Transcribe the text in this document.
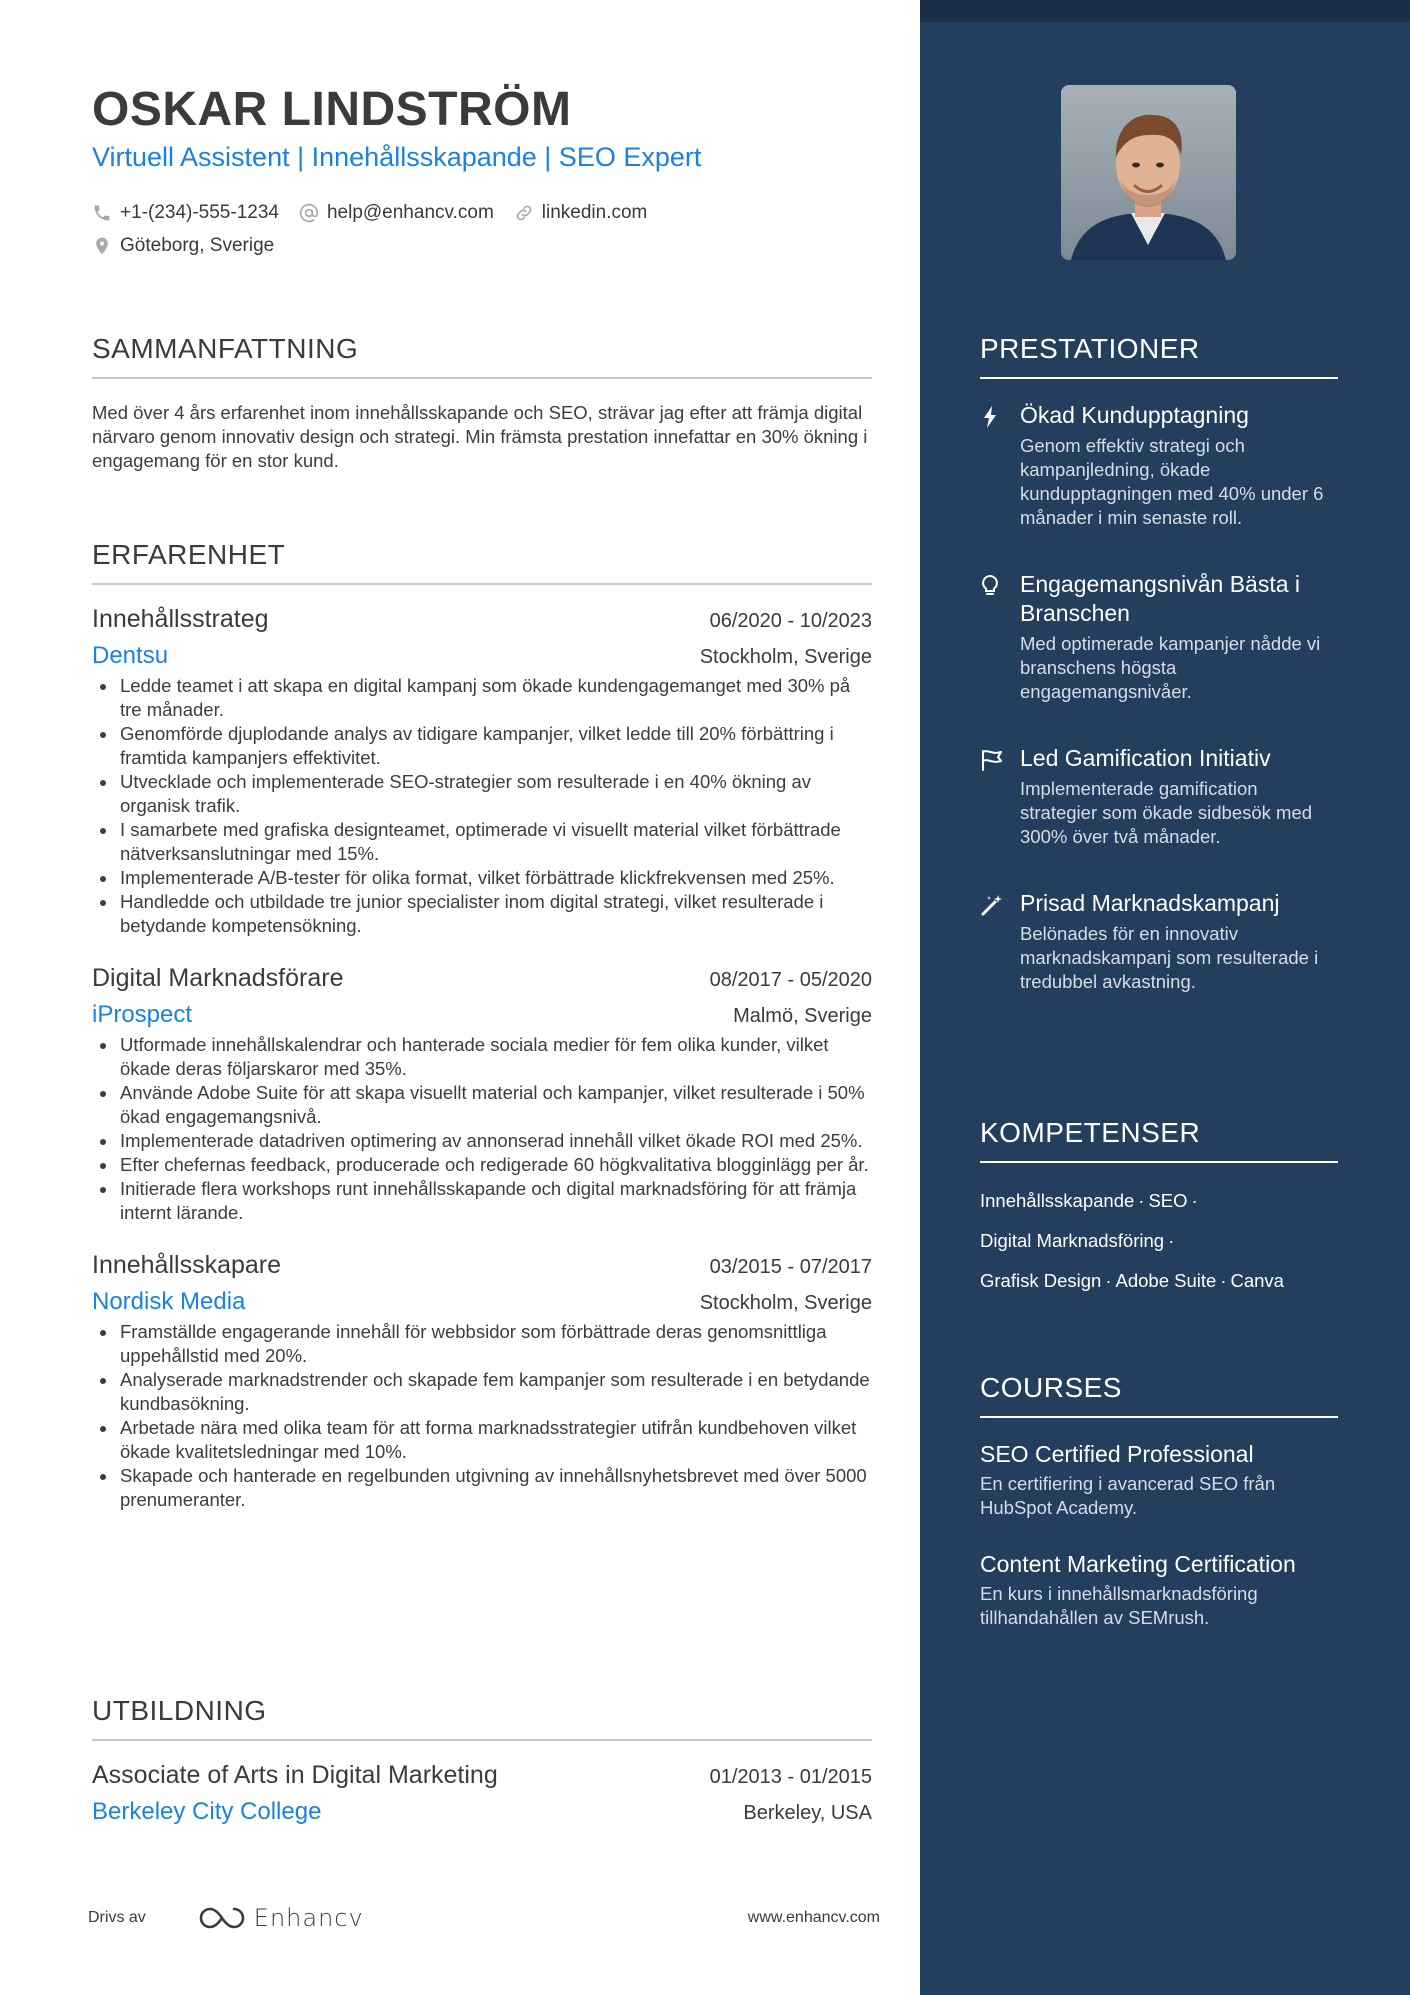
OSKAR LINDSTRÖM
Virtuell Assistent | Innehållsskapande | SEO Expert
+1-(234)-555-1234	help@enhancv.com	linkedin.com
Göteborg, Sverige
SAMMANFATTNING
Med över 4 års erfarenhet inom innehållsskapande och SEO, strävar jag efter att främja digital närvaro genom innovativ design och strategi. Min främsta prestation innefattar en 30% ökning i engagemang för en stor kund.
ERFARENHET
Innehållsstrateg	06/2020 - 10/2023
Dentsu	Stockholm, Sverige
Ledde teamet i att skapa en digital kampanj som ökade kundengagemanget med 30% på tre månader.
Genomförde djuplodande analys av tidigare kampanjer, vilket ledde till 20% förbättring i framtida kampanjers effektivitet.
Utvecklade och implementerade SEO-strategier som resulterade i en 40% ökning av organisk trafik.
I samarbete med grafiska designteamet, optimerade vi visuellt material vilket förbättrade nätverksanslutningar med 15%.
Implementerade A/B-tester för olika format, vilket förbättrade klickfrekvensen med 25%.
Handledde och utbildade tre junior specialister inom digital strategi, vilket resulterade i betydande kompetensökning.
Digital Marknadsförare	08/2017 - 05/2020
iProspect	Malmö, Sverige
Utformade innehållskalendrar och hanterade sociala medier för fem olika kunder, vilket ökade deras följarskaror med 35%.
Använde Adobe Suite för att skapa visuellt material och kampanjer, vilket resulterade i 50% ökad engagemangsnivå.
Implementerade datadriven optimering av annonserad innehåll vilket ökade ROI med 25%.
Efter chefernas feedback, producerade och redigerade 60 högkvalitativa blogginlägg per år.
Initierade flera workshops runt innehållsskapande och digital marknadsföring för att främja internt lärande.
Innehållsskapare	03/2015 - 07/2017
Nordisk Media	Stockholm, Sverige
Framställde engagerande innehåll för webbsidor som förbättrade deras genomsnittliga uppehållstid med 20%.
Analyserade marknadstrender och skapade fem kampanjer som resulterade i en betydande kundbasökning.
Arbetade nära med olika team för att forma marknadsstrategier utifrån kundbehoven vilket ökade kvalitetsledningar med 10%.
Skapade och hanterade en regelbunden utgivning av innehållsnyhetsbrevet med över 5000 prenumeranter.
UTBILDNING
Associate of Arts in Digital Marketing	01/2013 - 01/2015
Berkeley City College	Berkeley, USA
Drivs av	Enhancv	www.enhancv.com
PRESTATIONER
Ökad Kundupptagning
Genom effektiv strategi och kampanjledning, ökade kundupptagningen med 40% under 6 månader i min senaste roll.
Engagemangsnivån Bästa i Branschen
Med optimerade kampanjer nådde vi branschens högsta engagemangsnivåer.
Led Gamification Initiativ
Implementerade gamification strategier som ökade sidbesök med 300% över två månader.
Prisad Marknadskampanj
Belönades för en innovativ marknadskampanj som resulterade i tredubbel avkastning.
KOMPETENSER
Innehållsskapande · SEO ·
Digital Marknadsföring ·
Grafisk Design · Adobe Suite · Canva
COURSES
SEO Certified Professional
En certifiering i avancerad SEO från HubSpot Academy.
Content Marketing Certification
En kurs i innehållsmarknadsföring tillhandahållen av SEMrush.
